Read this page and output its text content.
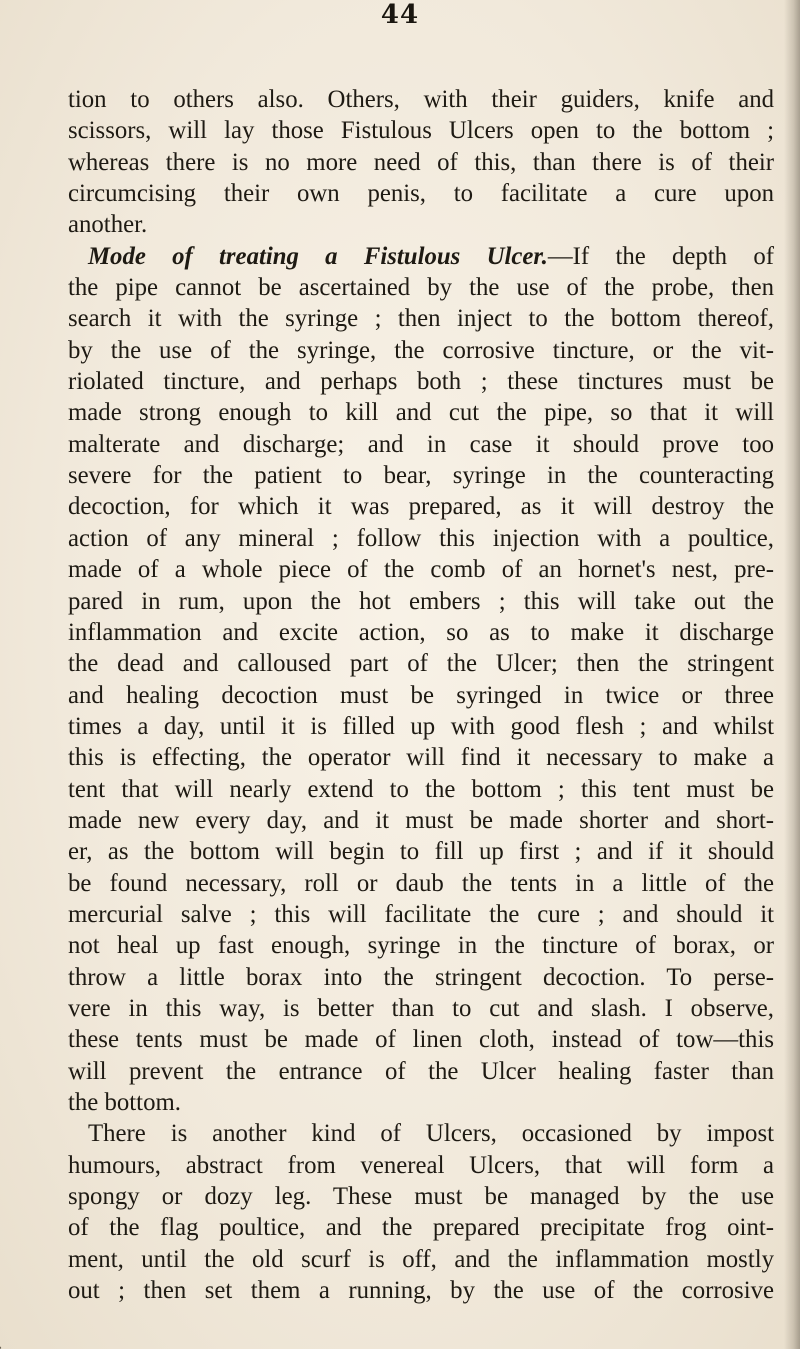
44
tion to others also. Others, with their guiders, knife and
scissors, will lay those Fistulous Ulcers open to the bottom ;
whereas there is no more need of this, than there is of their
circumcising their own penis, to facilitate a cure upon
another.
Mode of treating a Fistulous Ulcer.—If the depth of
the pipe cannot be ascertained by the use of the probe, then
search it with the syringe ; then inject to the bottom thereof,
by the use of the syringe, the corrosive tincture, or the vit-
riolated tincture, and perhaps both ; these tinctures must be
made strong enough to kill and cut the pipe, so that it will
malterate and discharge; and in case it should prove too
severe for the patient to bear, syringe in the counteracting
decoction, for which it was prepared, as it will destroy the
action of any mineral ; follow this injection with a poultice,
made of a whole piece of the comb of an hornet's nest, pre-
pared in rum, upon the hot embers ; this will take out the
inflammation and excite action, so as to make it discharge
the dead and calloused part of the Ulcer; then the stringent
and healing decoction must be syringed in twice or three
times a day, until it is filled up with good flesh ; and whilst
this is effecting, the operator will find it necessary to make a
tent that will nearly extend to the bottom ; this tent must be
made new every day, and it must be made shorter and short-
er, as the bottom will begin to fill up first ; and if it should
be found necessary, roll or daub the tents in a little of the
mercurial salve ; this will facilitate the cure ; and should it
not heal up fast enough, syringe in the tincture of borax, or
throw a little borax into the stringent decoction. To perse-
vere in this way, is better than to cut and slash. I observe,
these tents must be made of linen cloth, instead of tow—this
will prevent the entrance of the Ulcer healing faster than
the bottom.
There is another kind of Ulcers, occasioned by impost
humours, abstract from venereal Ulcers, that will form a
spongy or dozy leg. These must be managed by the use
of the flag poultice, and the prepared precipitate frog oint-
ment, until the old scurf is off, and the inflammation mostly
out ; then set them a running, by the use of the corrosive
